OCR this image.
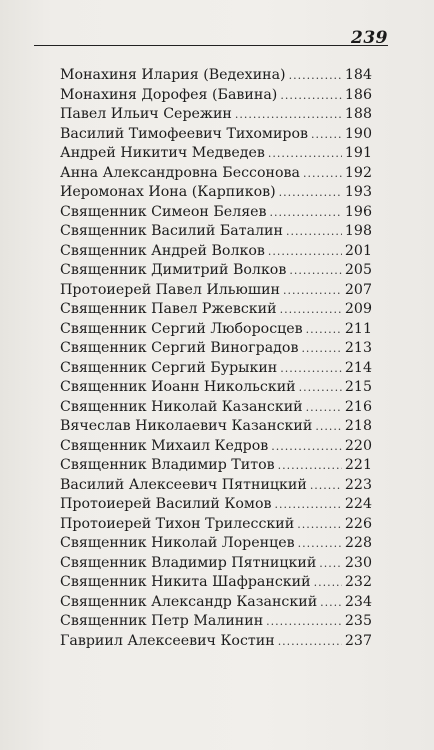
239
Монахиня Илария (Ведехина) .....	184
Монахиня Дорофея (Бавина) .....	186
Павел Ильич Сережин .....	188
Василий Тимофеевич Тихомиров .....	190
Андрей Никитич Медведев .....	191
Анна Александровна Бессонова .....	192
Иеромонах Иона (Карпиков) .....	193
Священник Симеон Беляев .....	196
Священник Василий Баталин .....	198
Священник Андрей Волков .....	201
Священник Димитрий Волков .....	205
Протоиерей Павел Ильюшин .....	207
Священник Павел Ржевский .....	209
Священник Сергий Люборосцев .....	211
Священник Сергий Виноградов .....	213
Священник Сергий Бурыкин .....	214
Священник Иоанн Никольский .....	215
Священник Николай Казанский .....	216
Вячеслав Николаевич Казанский ..... 218
Священник Михаил Кедров .....	220
Священник Владимир Титов .....	221
Василий Алексеевич Пятницкий .....	223
Протоиерей Василий Комов .....	224
Протоиерей Тихон Трилесский .....	226
Священник Николай Лоренцев .....	228
Священник Владимир Пятницкий ..... 230
Священник Никита Шафранский ..... 232
Священник Александр Казанский ..... 234
Священник Петр Малинин .....	235
Гавриил Алексеевич Костин .....	237
